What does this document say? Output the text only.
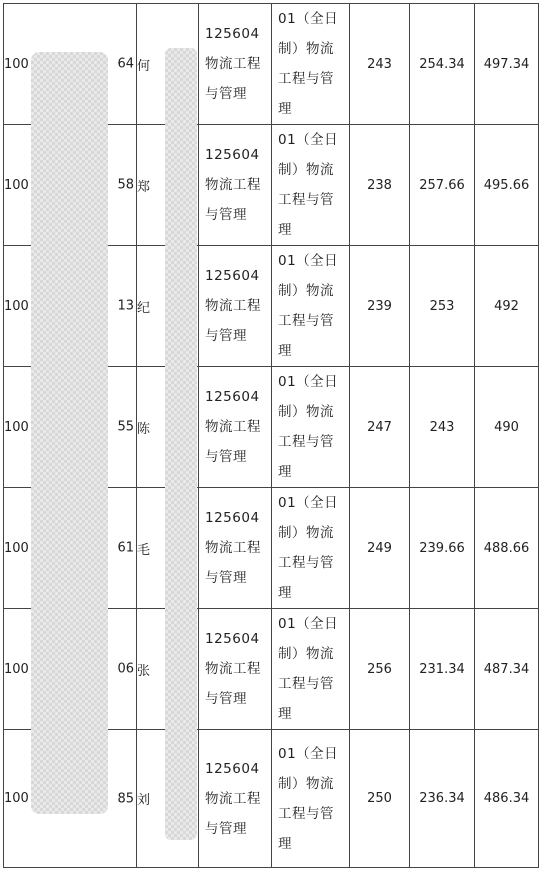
100 64	何	125604物流工程与管理	01（全日制）物流工程与管理	243	254.34	497.34
100 58	郑	125604物流工程与管理	01（全日制）物流工程与管理	238	257.66	495.66
100 13	纪	125604物流工程与管理	01（全日制）物流工程与管理	239	253	492
100 55	陈	125604物流工程与管理	01（全日制）物流工程与管理	247	243	490
100 61	毛	125604物流工程与管理	01（全日制）物流工程与管理	249	239.66	488.66
100 06	张	125604物流工程与管理	01（全日制）物流工程与管理	256	231.34	487.34
100 85	刘	125604物流工程与管理	01（全日制）物流工程与管理	250	236.34	486.34
